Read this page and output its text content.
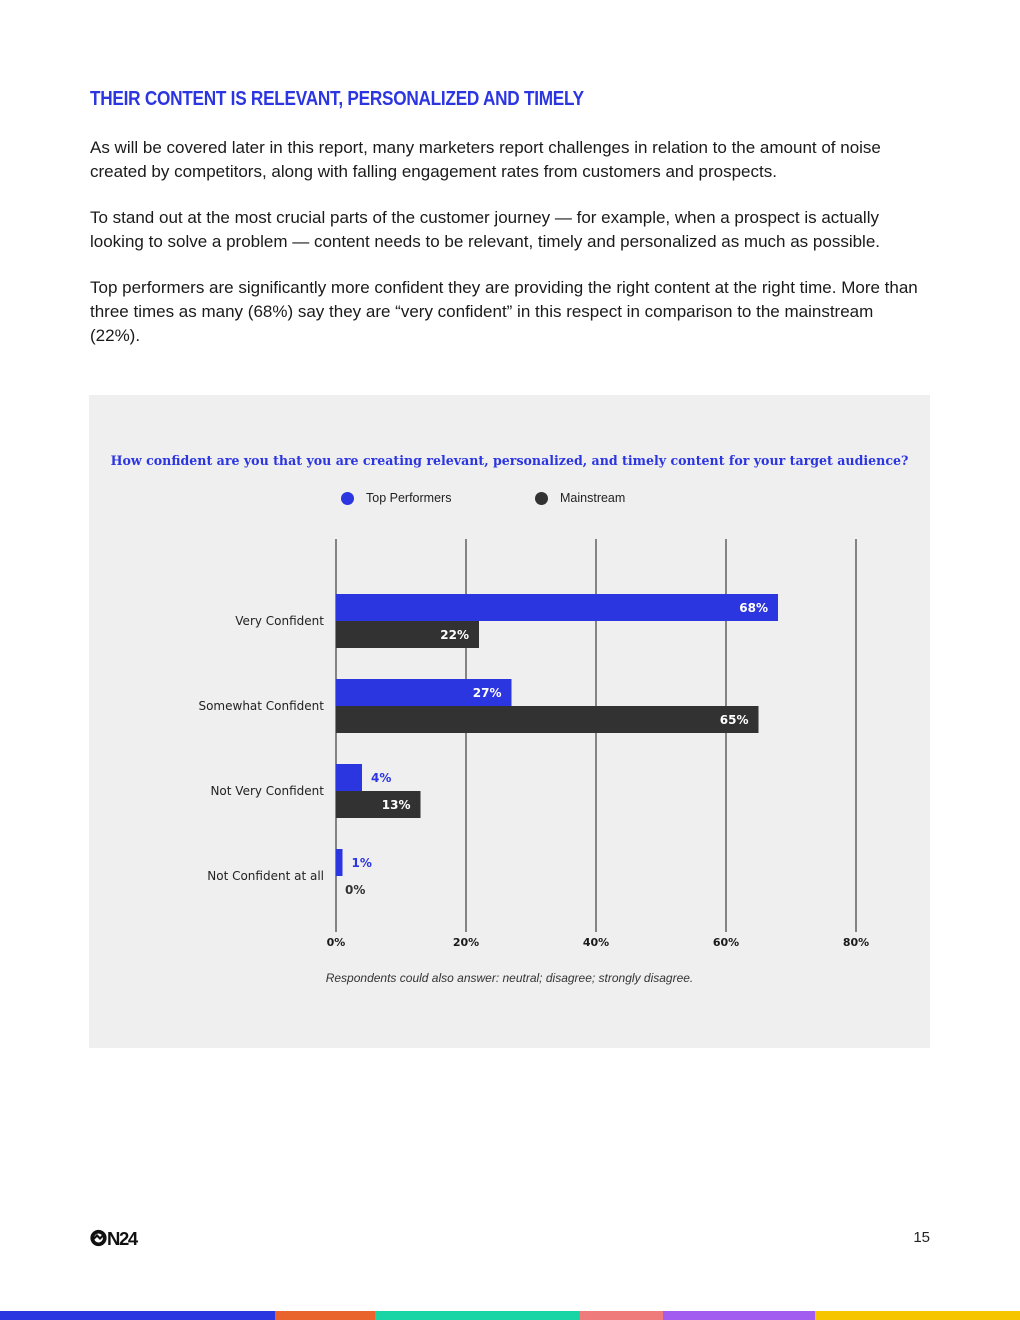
THEIR CONTENT IS RELEVANT, PERSONALIZED AND TIMELY

As will be covered later in this report, many marketers report challenges in relation to the amount of noise created by competitors, along with falling engagement rates from customers and prospects.

To stand out at the most crucial parts of the customer journey — for example, when a prospect is actually looking to solve a problem — content needs to be relevant, timely and personalized as much as possible.

Top performers are significantly more confident they are providing the right content at the right time. More than three times as many (68%) say they are “very confident” in this respect in comparison to the mainstream (22%).

How confident are you that you are creating relevant, personalized, and timely content for your target audience?
Top Performers	Mainstream
0%	20%	40%	60%	80%
Very Confident
68%
22%
Somewhat Confident
27%
65%
Not Very Confident
4%
13%
Not Confident at all
1%
0%
Respondents could also answer: neutral; disagree; strongly disagree.
N24	15
